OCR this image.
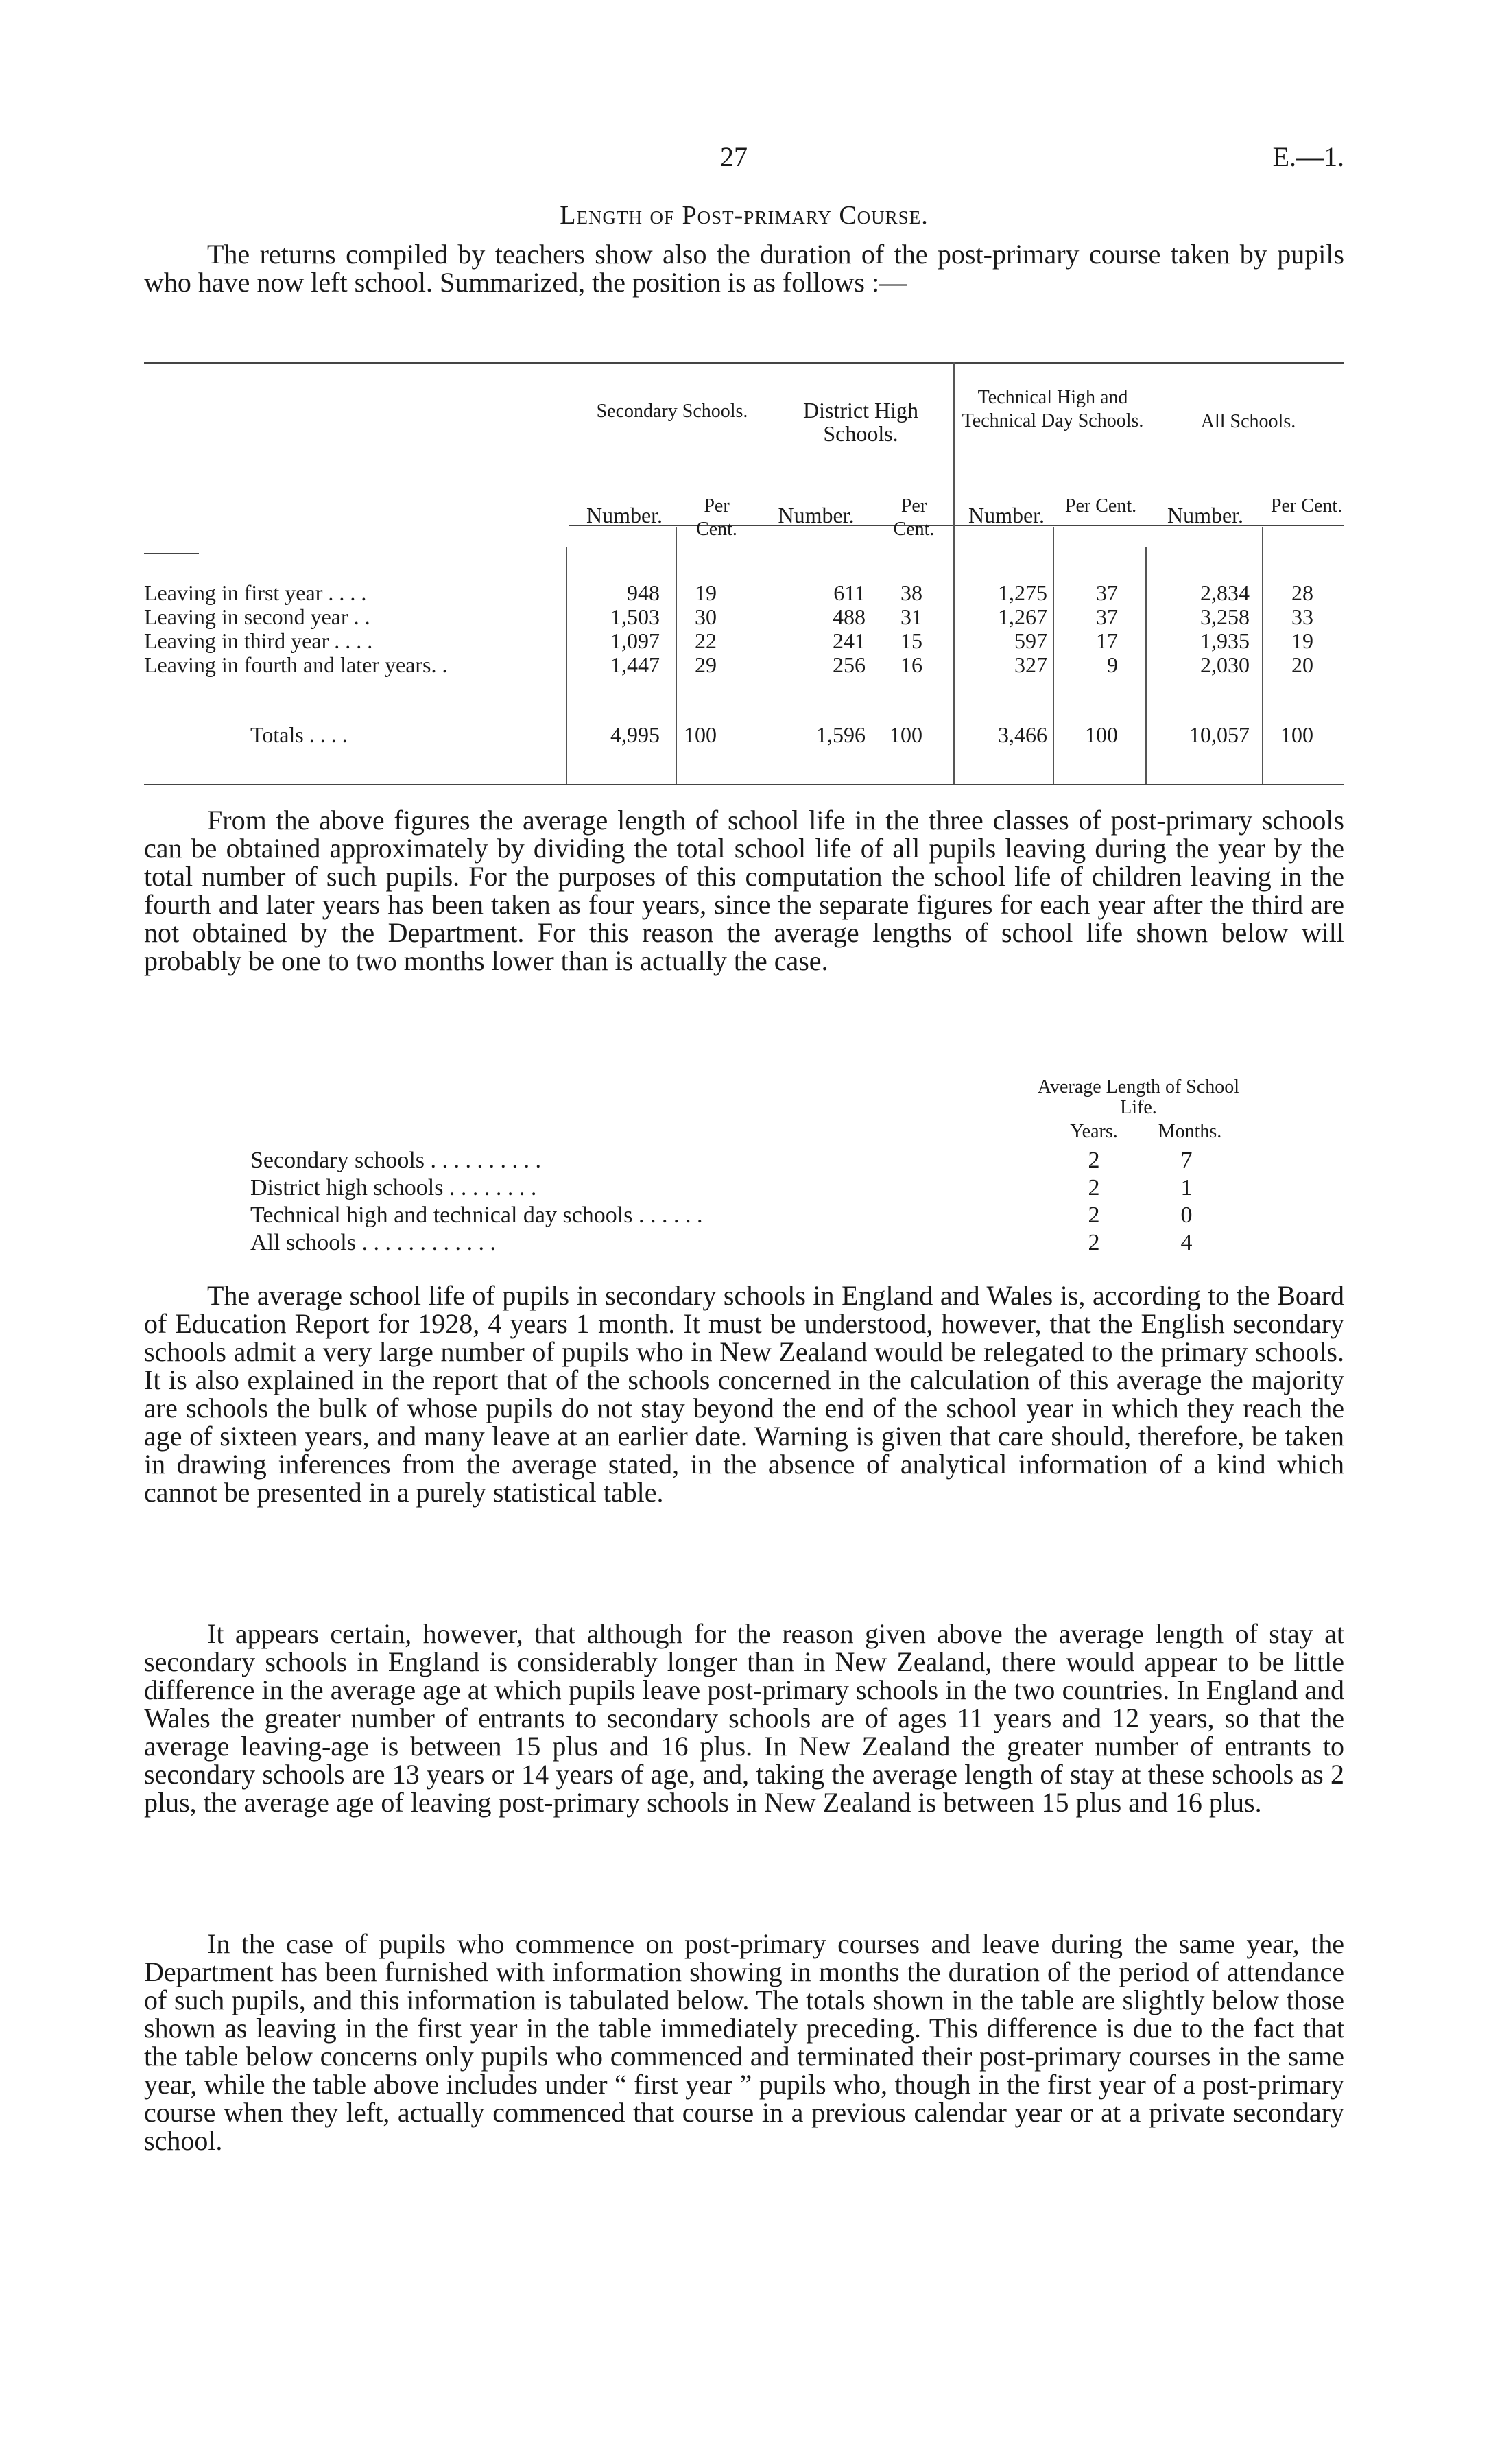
27	E.—1.
Length of Post-primary Course.

The returns compiled by teachers show also the duration of the post-primary course taken by pupils who have now left school. Summarized, the position is as follows :—

Secondary Schools.	District High Schools.
Technical High and Technical Day Schools.	All Schools.
Number.	Per Cent.
Number.	Per Cent.
Number.	Per Cent.	Number.	Per Cent.
Leaving in first year . . . .	948	19	611	38	1,275	37	2,834	28
Leaving in second year . .	1,503	30	488	31	1,267	37	3,258	33
Leaving in third year . . . .	1,097	22	241	15	597	17	1,935	19
Leaving in fourth and later years. .	1,447	29	256	16	327	9	2,030	20
Totals . . . .	4,995	100	1,596	100	3,466	100	10,057	100

From the above figures the average length of school life in the three classes of post-primary schools can be obtained approximately by dividing the total school life of all pupils leaving during the year by the total number of such pupils. For the purposes of this computation the school life of children leaving in the fourth and later years has been taken as four years, since the separate figures for each year after the third are not obtained by the Department. For this reason the average lengths of school life shown below will probably be one to two months lower than is actually the case.

Average Length of School Life.
Years.	Months.
Secondary schools . . . . . . . . . .	2	7
District high schools . . . . . . . .	2	1
Technical high and technical day schools . . . . . .	2	0
All schools . . . . . . . . . . . .	2	4

The average school life of pupils in secondary schools in England and Wales is, according to the Board of Education Report for 1928, 4 years 1 month. It must be understood, however, that the English secondary schools admit a very large number of pupils who in New Zealand would be relegated to the primary schools. It is also explained in the report that of the schools concerned in the calculation of this average the majority are schools the bulk of whose pupils do not stay beyond the end of the school year in which they reach the age of sixteen years, and many leave at an earlier date. Warning is given that care should, therefore, be taken in drawing inferences from the average stated, in the absence of analytical information of a kind which cannot be presented in a purely statistical table.

It appears certain, however, that although for the reason given above the average length of stay at secondary schools in England is considerably longer than in New Zealand, there would appear to be little difference in the average age at which pupils leave post-primary schools in the two countries. In England and Wales the greater number of entrants to secondary schools are of ages 11 years and 12 years, so that the average leaving-age is between 15 plus and 16 plus. In New Zealand the greater number of entrants to secondary schools are 13 years or 14 years of age, and, taking the average length of stay at these schools as 2 plus, the average age of leaving post-primary schools in New Zealand is between 15 plus and 16 plus.

In the case of pupils who commence on post-primary courses and leave during the same year, the Department has been furnished with information showing in months the duration of the period of attendance of such pupils, and this information is tabulated below. The totals shown in the table are slightly below those shown as leaving in the first year in the table immediately preceding. This difference is due to the fact that the table below concerns only pupils who commenced and terminated their post-primary courses in the same year, while the table above includes under “ first year ” pupils who, though in the first year of a post-primary course when they left, actually commenced that course in a previous calendar year or at a private secondary school.
